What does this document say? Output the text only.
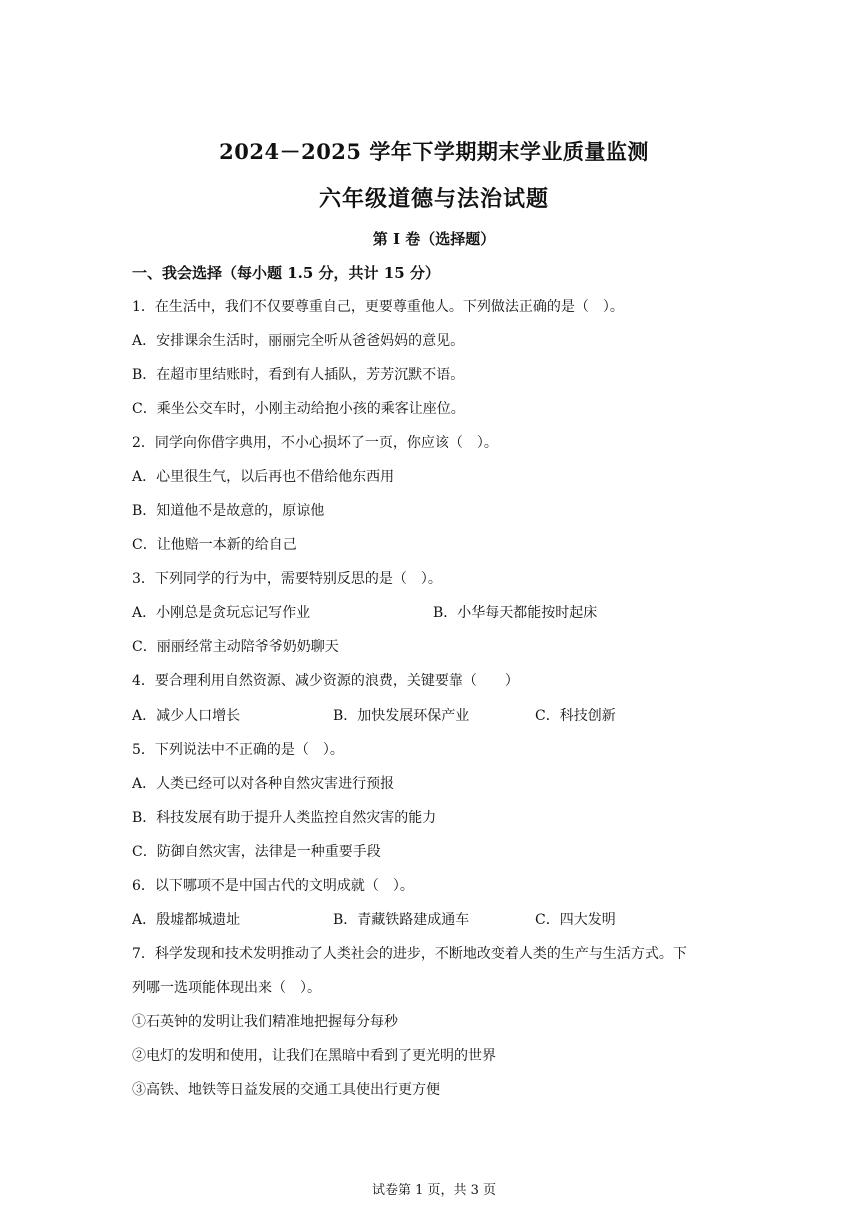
2024－2025 学年下学期期末学业质量监测
六年级道德与法治试题
第 I 卷（选择题）
一、我会选择（每小题 1.5 分，共计 15 分）
1．在生活中，我们不仅要尊重自己，更要尊重他人。下列做法正确的是（　）。
A．安排课余生活时，丽丽完全听从爸爸妈妈的意见。
B．在超市里结账时，看到有人插队，芳芳沉默不语。
C．乘坐公交车时，小刚主动给抱小孩的乘客让座位。
2．同学向你借字典用，不小心损坏了一页，你应该（　）。
A．心里很生气，以后再也不借给他东西用
B．知道他不是故意的，原谅他
C．让他赔一本新的给自己
3．下列同学的行为中，需要特别反思的是（　）。
A．小刚总是贪玩忘记写作业	B．小华每天都能按时起床
C．丽丽经常主动陪爷爷奶奶聊天
4．要合理利用自然资源、减少资源的浪费，关键要靠（　　）
A．减少人口增长	B．加快发展环保产业	C．科技创新
5．下列说法中不正确的是（　）。
A．人类已经可以对各种自然灾害进行预报
B．科技发展有助于提升人类监控自然灾害的能力
C．防御自然灾害，法律是一种重要手段
6．以下哪项不是中国古代的文明成就（　）。
A．殷墟都城遗址	B．青藏铁路建成通车	C．四大发明
7．科学发现和技术发明推动了人类社会的进步，不断地改变着人类的生产与生活方式。下
列哪一选项能体现出来（　）。
①石英钟的发明让我们精准地把握每分每秒
②电灯的发明和使用，让我们在黑暗中看到了更光明的世界
③高铁、地铁等日益发展的交通工具使出行更方便
试卷第 1 页，共 3 页
